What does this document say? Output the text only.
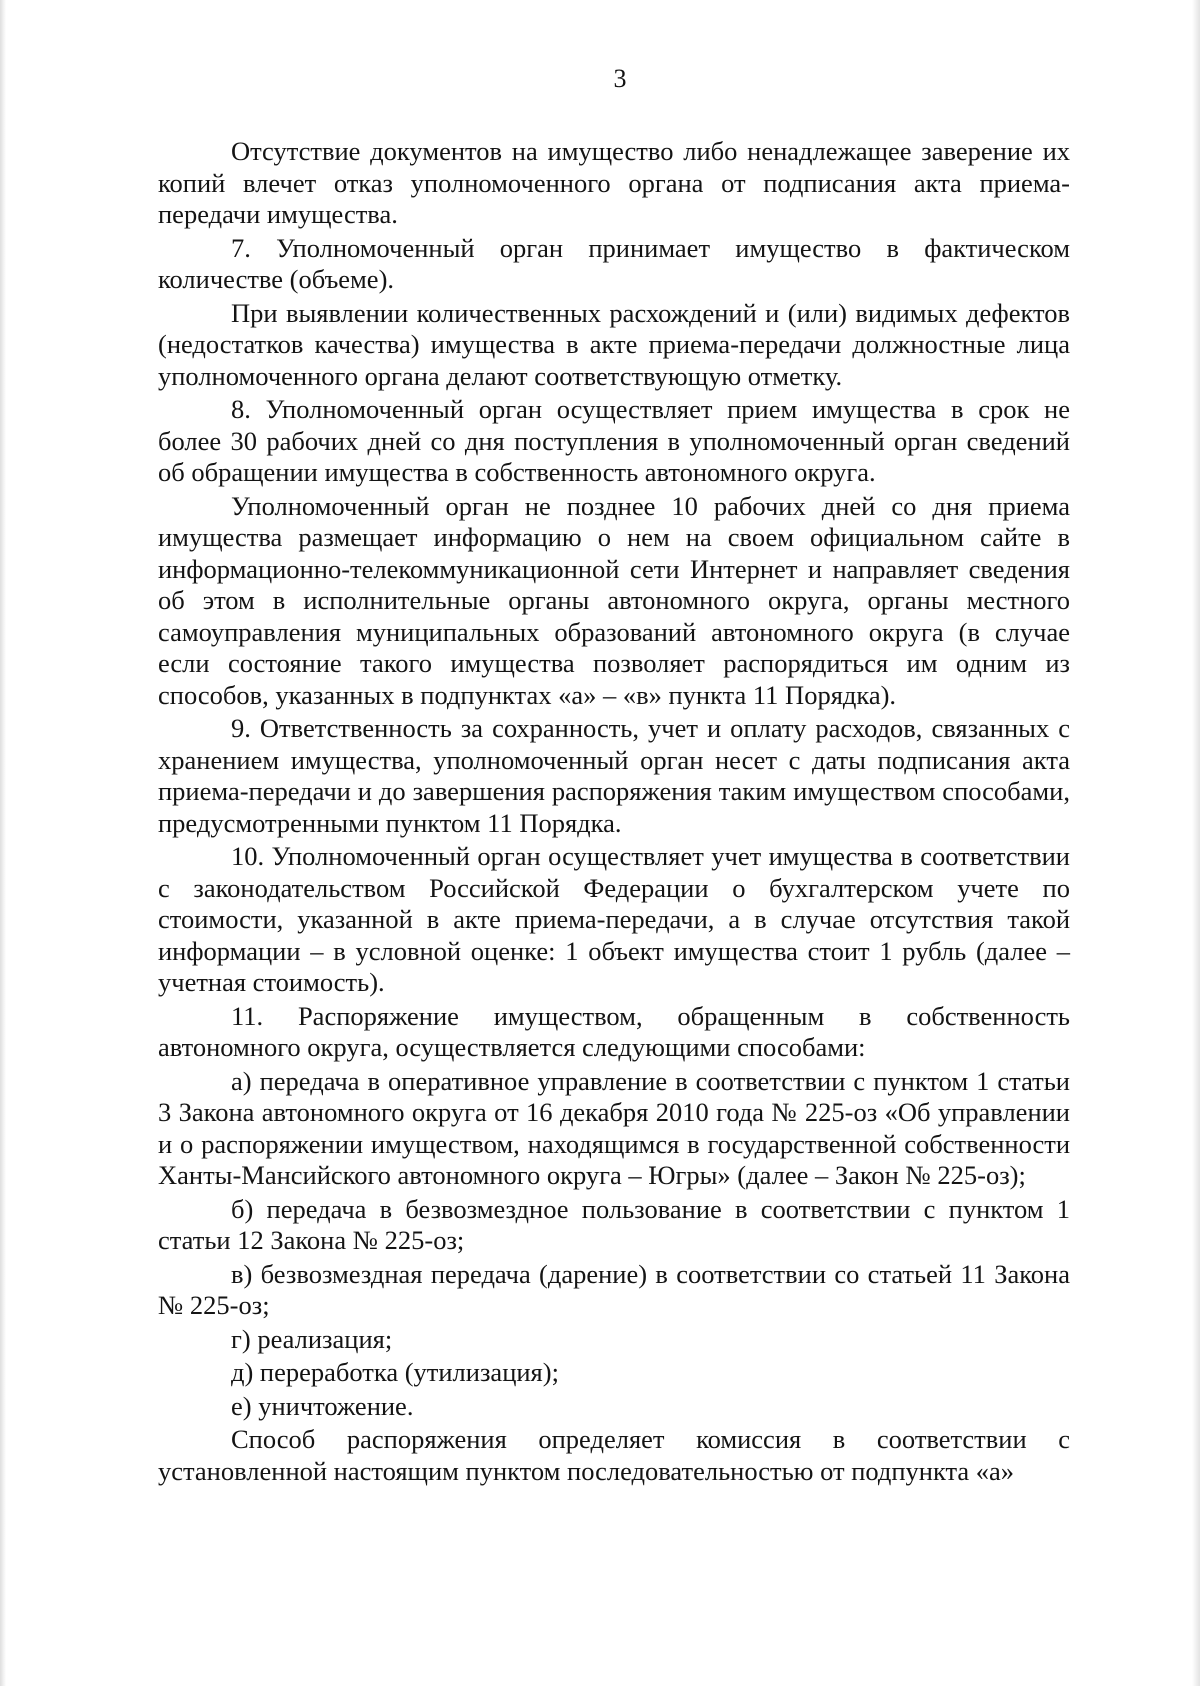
3

Отсутствие документов на имущество либо ненадлежащее заверение их копий влечет отказ уполномоченного органа от подписания акта приема-передачи имущества.

7. Уполномоченный орган принимает имущество в фактическом количестве (объеме).

При выявлении количественных расхождений и (или) видимых дефектов (недостатков качества) имущества в акте приема-передачи должностные лица уполномоченного органа делают соответствующую отметку.

8. Уполномоченный орган осуществляет прием имущества в срок не более 30 рабочих дней со дня поступления в уполномоченный орган сведений об обращении имущества в собственность автономного округа.

Уполномоченный орган не позднее 10 рабочих дней со дня приема имущества размещает информацию о нем на своем официальном сайте в информационно-телекоммуникационной сети Интернет и направляет сведения об этом в исполнительные органы автономного округа, органы местного самоуправления муниципальных образований автономного округа (в случае если состояние такого имущества позволяет распорядиться им одним из способов, указанных в подпунктах «а» – «в» пункта 11 Порядка).

9. Ответственность за сохранность, учет и оплату расходов, связанных с хранением имущества, уполномоченный орган несет с даты подписания акта приема-передачи и до завершения распоряжения таким имуществом способами, предусмотренными пунктом 11 Порядка.

10. Уполномоченный орган осуществляет учет имущества в соответствии с законодательством Российской Федерации о бухгалтерском учете по стоимости, указанной в акте приема-передачи, а в случае отсутствия такой информации – в условной оценке: 1 объект имущества стоит 1 рубль (далее – учетная стоимость).

11. Распоряжение имуществом, обращенным в собственность автономного округа, осуществляется следующими способами:

а) передача в оперативное управление в соответствии с пунктом 1 статьи 3 Закона автономного округа от 16 декабря 2010 года № 225-оз «Об управлении и о распоряжении имуществом, находящимся в государственной собственности Ханты-Мансийского автономного округа – Югры» (далее – Закон № 225-оз);

б) передача в безвозмездное пользование в соответствии с пунктом 1 статьи 12 Закона № 225-оз;

в) безвозмездная передача (дарение) в соответствии со статьей 11 Закона № 225-оз;

г) реализация;

д) переработка (утилизация);

е) уничтожение.

Способ распоряжения определяет комиссия в соответствии с установленной настоящим пунктом последовательностью от подпункта «а»
